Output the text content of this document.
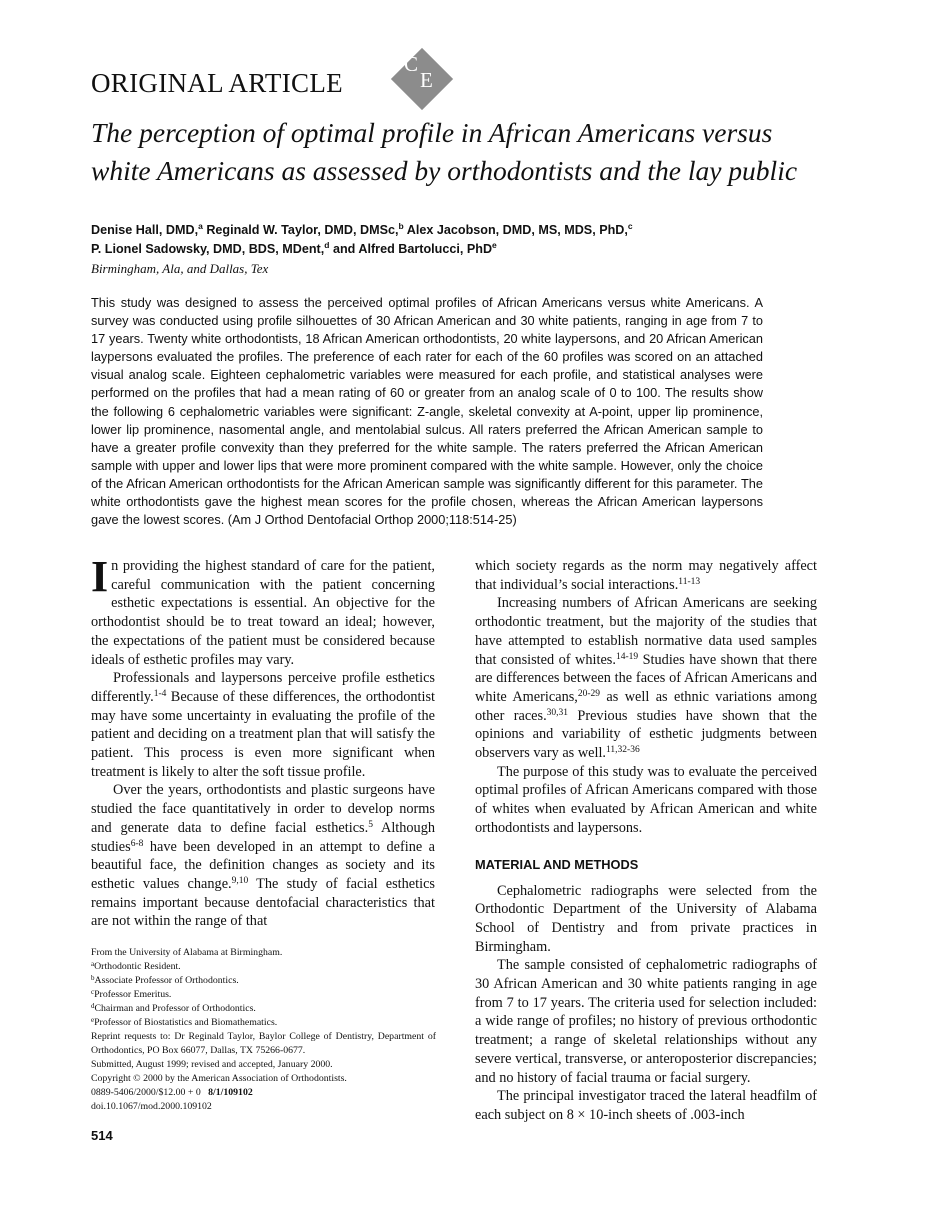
ORIGINAL ARTICLE
C
E
The perception of optimal profile in African Americans versus
white Americans as assessed by orthodontists and the lay public
Denise Hall, DMD,$^a$ Reginald W. Taylor, DMD, DMSc,$^b$ Alex Jacobson, DMD, MS, MDS, PhD,$^c$
P. Lionel Sadowsky, DMD, BDS, MDent,$^d$ and Alfred Bartolucci, PhD$^e$
Birmingham, Ala, and Dallas, Tex

This study was designed to assess the perceived optimal profiles of African Americans versus white Americans. A survey was conducted using profile silhouettes of 30 African American and 30 white patients, ranging in age from 7 to 17 years. Twenty white orthodontists, 18 African American orthodontists, 20 white laypersons, and 20 African American laypersons evaluated the profiles. The preference of each rater for each of the 60 profiles was scored on an attached visual analog scale. Eighteen cephalometric variables were measured for each profile, and statistical analyses were performed on the profiles that had a mean rating of 60 or greater from an analog scale of 0 to 100. The results show the following 6 cephalometric variables were significant: Z-angle, skeletal convexity at A-point, upper lip prominence, lower lip prominence, nasomental angle, and mentolabial sulcus. All raters preferred the African American sample to have a greater profile convexity than they preferred for the white sample. The raters preferred the African American sample with upper and lower lips that were more prominent compared with the white sample. However, only the choice of the African American orthodontists for the African American sample was significantly different for this parameter. The white orthodontists gave the highest mean scores for the profile chosen, whereas the African American laypersons gave the lowest scores. (Am J Orthod Dentofacial Orthop 2000;118:514-25)

In providing the highest standard of care for the patient, careful communication with the patient concerning esthetic expectations is essential. An objective for the orthodontist should be to treat toward an ideal; however, the expectations of the patient must be considered because ideals of esthetic profiles may vary.

Professionals and laypersons perceive profile esthetics differently.$^{1-4}$ Because of these differences, the orthodontist may have some uncertainty in evaluating the profile of the patient and deciding on a treatment plan that will satisfy the patient. This process is even more significant when treatment is likely to alter the soft tissue profile.

Over the years, orthodontists and plastic surgeons have studied the face quantitatively in order to develop norms and generate data to define facial esthetics.$^5$ Although studies$^{6-8}$ have been developed in an attempt to define a beautiful face, the definition changes as society and its esthetic values change.$^{9,10}$ The study of facial esthetics remains important because dentofacial characteristics that are not within the range of that

From the University of Alabama at Birmingham.
$^a$Orthodontic Resident.
$^b$Associate Professor of Orthodontics.
$^c$Professor Emeritus.
$^d$Chairman and Professor of Orthodontics.
$^e$Professor of Biostatistics and Biomathematics.
Reprint requests to: Dr Reginald Taylor, Baylor College of Dentistry, Department of Orthodontics, PO Box 66077, Dallas, TX 75266-0677.
Submitted, August 1999; revised and accepted, January 2000.
Copyright © 2000 by the American Association of Orthodontists.
0889-5406/2000/$12.00 + 0 8/1/109102
doi.10.1067/mod.2000.109102
514

which society regards as the norm may negatively affect that individual’s social interactions.$^{11-13}$

Increasing numbers of African Americans are seeking orthodontic treatment, but the majority of the studies that have attempted to establish normative data used samples that consisted of whites.$^{14-19}$ Studies have shown that there are differences between the faces of African Americans and white Americans,$^{20-29}$ as well as ethnic variations among other races.$^{30,31}$ Previous studies have shown that the opinions and variability of esthetic judgments between observers vary as well.$^{11,32-36}$

The purpose of this study was to evaluate the perceived optimal profiles of African Americans compared with those of whites when evaluated by African American and white orthodontists and laypersons.

MATERIAL AND METHODS

Cephalometric radiographs were selected from the Orthodontic Department of the University of Alabama School of Dentistry and from private practices in Birmingham.

The sample consisted of cephalometric radiographs of 30 African American and 30 white patients ranging in age from 7 to 17 years. The criteria used for selection included: a wide range of profiles; no history of previous orthodontic treatment; a range of skeletal relationships without any severe vertical, transverse, or anteroposterior discrepancies; and no history of facial trauma or facial surgery.

The principal investigator traced the lateral headfilm of each subject on 8 × 10-inch sheets of .003-inch
